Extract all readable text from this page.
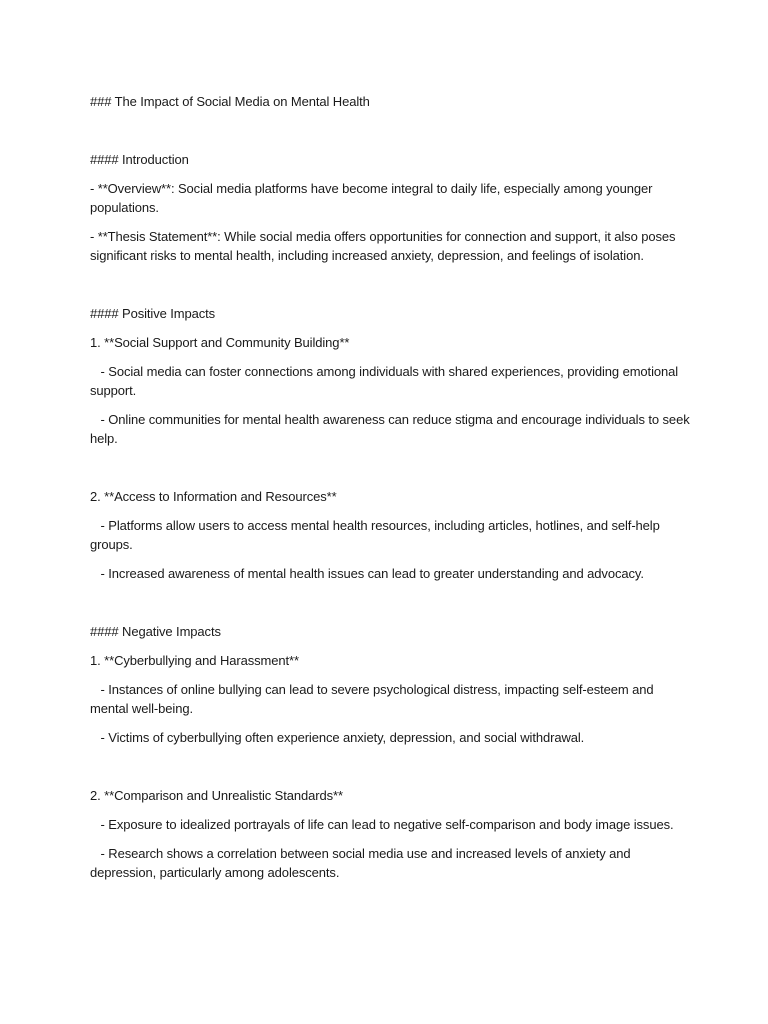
### The Impact of Social Media on Mental Health

#### Introduction

- **Overview**: Social media platforms have become integral to daily life, especially among younger populations.

- **Thesis Statement**: While social media offers opportunities for connection and support, it also poses significant risks to mental health, including increased anxiety, depression, and feelings of isolation.

#### Positive Impacts

1. **Social Support and Community Building**

- Social media can foster connections among individuals with shared experiences, providing emotional support.

- Online communities for mental health awareness can reduce stigma and encourage individuals to seek help.

2. **Access to Information and Resources**

- Platforms allow users to access mental health resources, including articles, hotlines, and self-help groups.

- Increased awareness of mental health issues can lead to greater understanding and advocacy.

#### Negative Impacts

1. **Cyberbullying and Harassment**

- Instances of online bullying can lead to severe psychological distress, impacting self-esteem and mental well-being.

- Victims of cyberbullying often experience anxiety, depression, and social withdrawal.

2. **Comparison and Unrealistic Standards**

- Exposure to idealized portrayals of life can lead to negative self-comparison and body image issues.

- Research shows a correlation between social media use and increased levels of anxiety and depression, particularly among adolescents.
